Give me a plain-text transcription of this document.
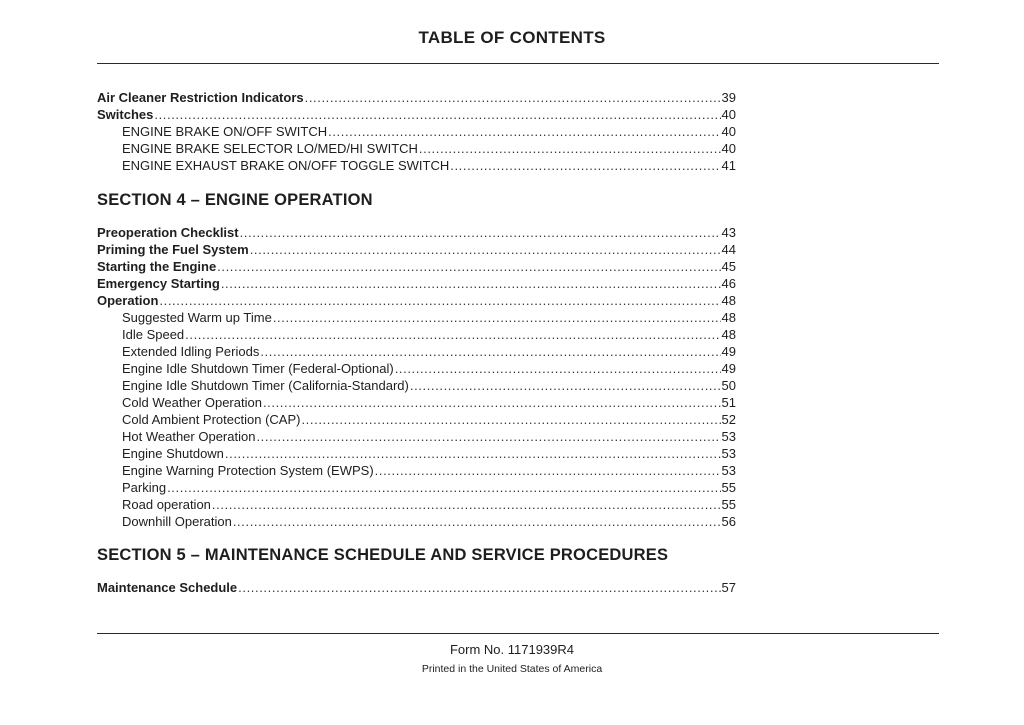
TABLE OF CONTENTS
Air Cleaner Restriction Indicators .....	39
Switches .....	40
ENGINE BRAKE ON/OFF SWITCH .....	40
ENGINE BRAKE SELECTOR LO/MED/HI SWITCH .....	40
ENGINE EXHAUST BRAKE ON/OFF TOGGLE SWITCH .....	41
SECTION 4 – ENGINE OPERATION
Preoperation Checklist .....	43
Priming the Fuel System .....	44
Starting the Engine .....	45
Emergency Starting .....	46
Operation .....	48
Suggested Warm up Time .....	48
Idle Speed .....	48
Extended Idling Periods .....	49
Engine Idle Shutdown Timer (Federal-Optional) .....	49
Engine Idle Shutdown Timer (California-Standard) .....	50
Cold Weather Operation .....	51
Cold Ambient Protection (CAP) .....	52
Hot Weather Operation .....	53
Engine Shutdown .....	53
Engine Warning Protection System (EWPS) .....	53
Parking .....	55
Road operation .....	55
Downhill Operation .....	56
SECTION 5 – MAINTENANCE SCHEDULE AND SERVICE PROCEDURES
Maintenance Schedule .....	57
Form No. 1171939R4
Printed in the United States of America
